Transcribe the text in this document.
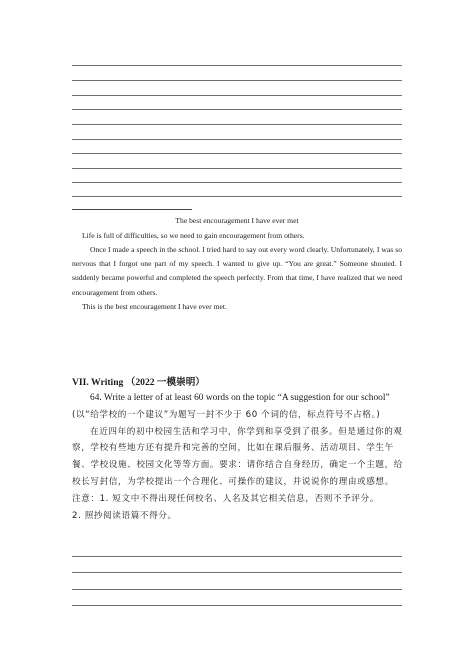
The best encouragement I have ever met
Life is full of difficulties, so we need to gain encouragement from others.
Once I made a speech in the school. I tried hard to say out every word clearly. Unfortunately, I was so nervous that I forgot one part of my speech. I wanted to give up. “You are great.” Someone shouted. I suddenly became powerful and completed the speech perfectly. From that time, I have realized that we need encouragement from others.
This is the best encouragement I have ever met.
VII. Writing （2022 一模崇明）

64. Write a letter of at least 60 words on the topic “A suggestion for our school”

(以“给学校的一个建议”为题写一封不少于 60 个词的信，标点符号不占格。)

在近四年的初中校园生活和学习中，你学到和享受到了很多。但是通过你的观察，学校有些地方还有提升和完善的空间，比如在课后服务、活动项目、学生午餐、学校设施、校园文化等等方面。要求：请你结合自身经历，确定一个主题，给校长写封信，为学校提出一个合理化、可操作的建议，并说说你的理由或感想。

注意：1. 短文中不得出现任何校名、人名及其它相关信息，否则不予评分。

2. 照抄阅读语篇不得分。
